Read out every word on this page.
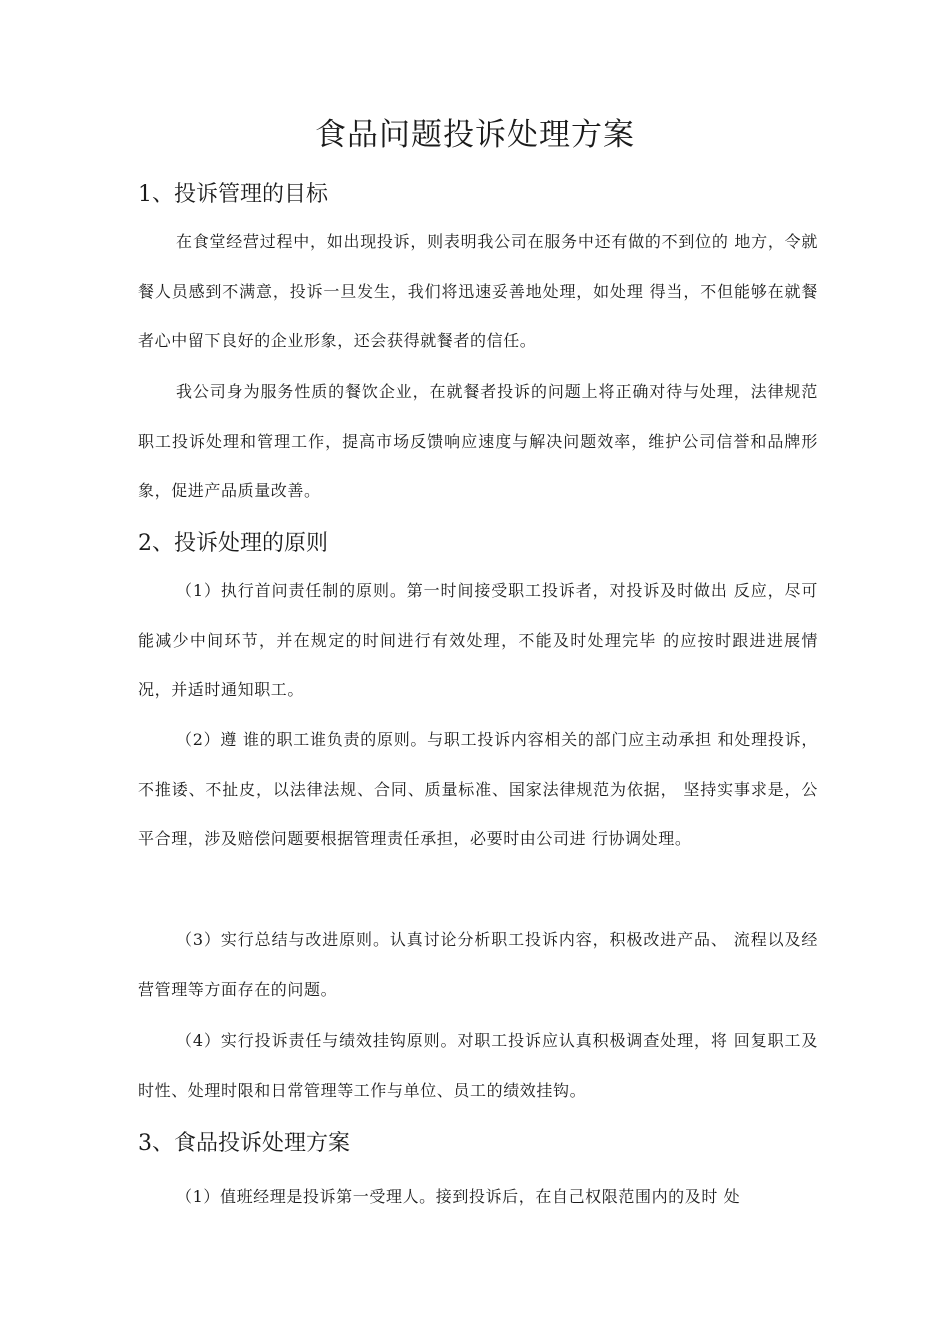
食品问题投诉处理方案
1、投诉管理的目标

在食堂经营过程中，如出现投诉，则表明我公司在服务中还有做的不到位的 地方，令就餐人员感到不满意，投诉一旦发生，我们将迅速妥善地处理，如处理 得当，不但能够在就餐者心中留下良好的企业形象，还会获得就餐者的信任。

我公司身为服务性质的餐饮企业，在就餐者投诉的问题上将正确对待与处理，法律规范职工投诉处理和管理工作，提高市场反馈响应速度与解决问题效率，维护公司信誉和品牌形象，促进产品质量改善。

2、投诉处理的原则

（1）执行首问责任制的原则。第一时间接受职工投诉者，对投诉及时做出 反应，尽可能减少中间环节，并在规定的时间进行有效处理，不能及时处理完毕 的应按时跟进进展情况，并适时通知职工。

（2）遵 谁的职工谁负责的原则。与职工投诉内容相关的部门应主动承担 和处理投诉，不推诿、不扯皮，以法律法规、合同、质量标准、国家法律规范为依据， 坚持实事求是，公平合理，涉及赔偿问题要根据管理责任承担，必要时由公司进 行协调处理。

（3）实行总结与改进原则。认真讨论分析职工投诉内容，积极改进产品、 流程以及经营管理等方面存在的问题。

（4）实行投诉责任与绩效挂钩原则。对职工投诉应认真积极调查处理，将 回复职工及时性、处理时限和日常管理等工作与单位、员工的绩效挂钩。

3、食品投诉处理方案

（1）值班经理是投诉第一受理人。接到投诉后，在自己权限范围内的及时 处
